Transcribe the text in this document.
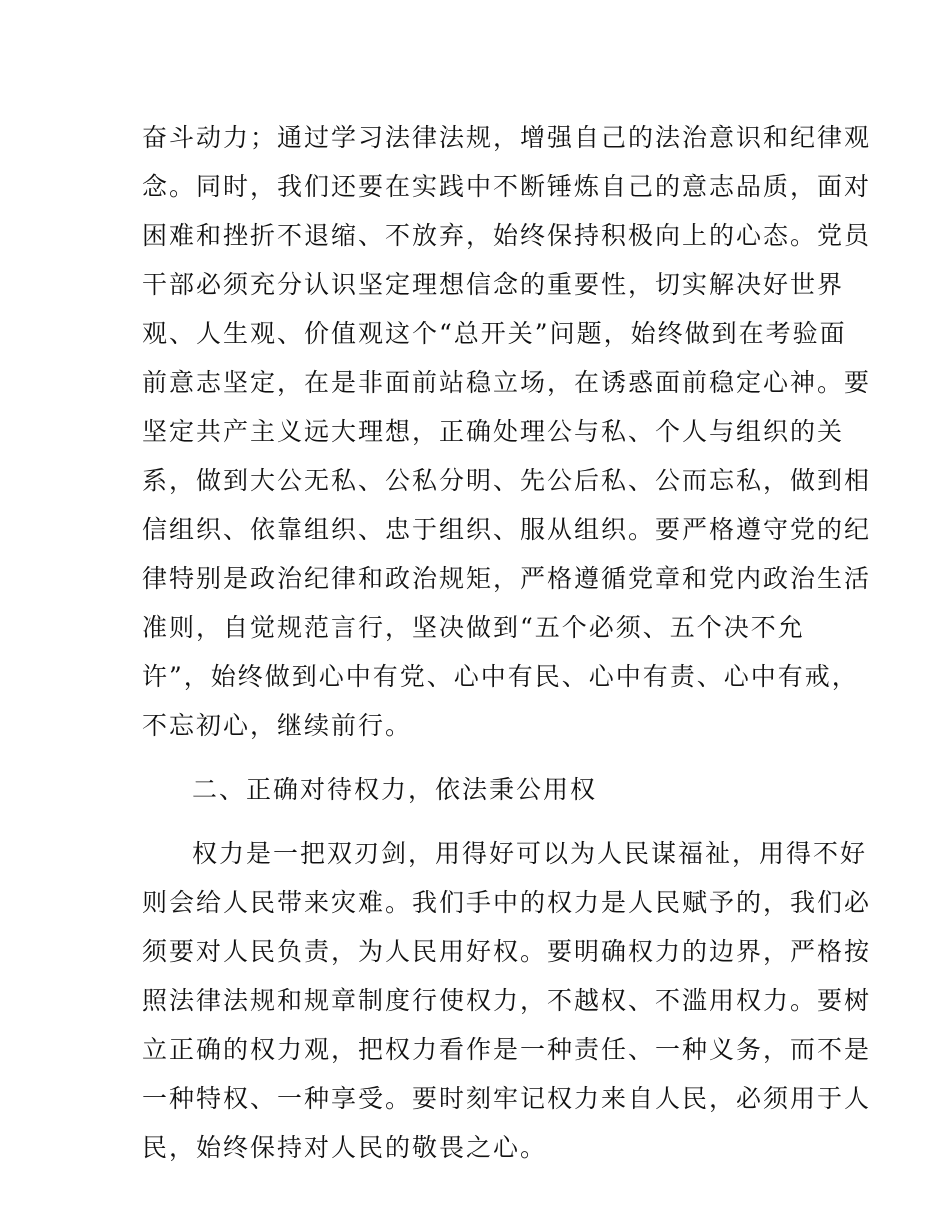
奋斗动力；通过学习法律法规，增强自己的法治意识和纪律观
念。同时，我们还要在实践中不断锤炼自己的意志品质，面对
困难和挫折不退缩、不放弃，始终保持积极向上的心态。党员
干部必须充分认识坚定理想信念的重要性，切实解决好世界
观、人生观、价值观这个“总开关”问题，始终做到在考验面
前意志坚定，在是非面前站稳立场，在诱惑面前稳定心神。要
坚定共产主义远大理想，正确处理公与私、个人与组织的关
系，做到大公无私、公私分明、先公后私、公而忘私，做到相
信组织、依靠组织、忠于组织、服从组织。要严格遵守党的纪
律特别是政治纪律和政治规矩，严格遵循党章和党内政治生活
准则，自觉规范言行，坚决做到“五个必须、五个决不允
许”，始终做到心中有党、心中有民、心中有责、心中有戒，
不忘初心，继续前行。
二、正确对待权力，依法秉公用权
权力是一把双刃剑，用得好可以为人民谋福祉，用得不好
则会给人民带来灾难。我们手中的权力是人民赋予的，我们必
须要对人民负责，为人民用好权。要明确权力的边界，严格按
照法律法规和规章制度行使权力，不越权、不滥用权力。要树
立正确的权力观，把权力看作是一种责任、一种义务，而不是
一种特权、一种享受。要时刻牢记权力来自人民，必须用于人
民，始终保持对人民的敬畏之心。
